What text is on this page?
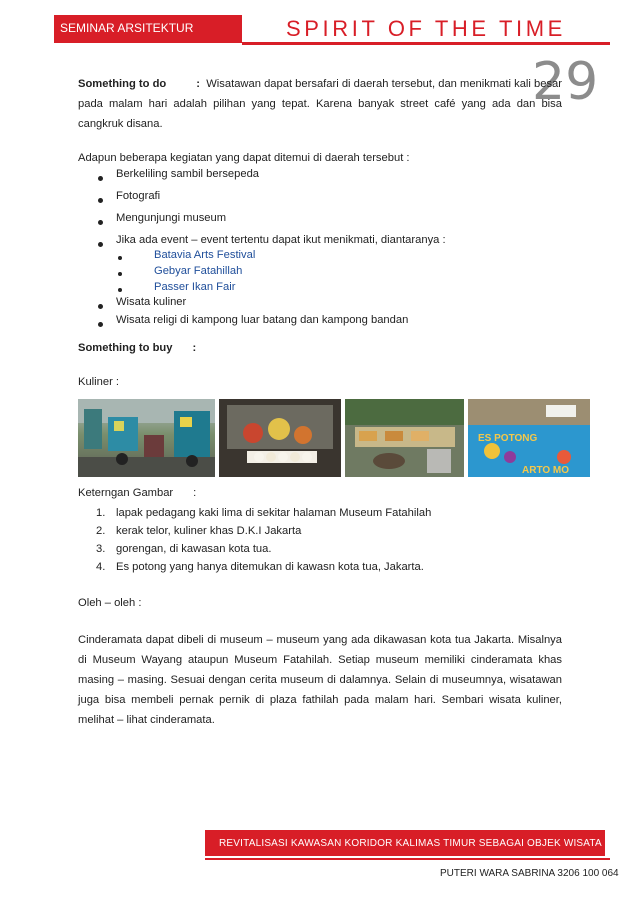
SEMINAR ARSITEKTUR	SPIRIT OF THE TIME
29
Something to do	: Wisatawan dapat bersafari di daerah tersebut, dan menikmati kali besar pada malam hari adalah pilihan yang tepat. Karena banyak street café yang ada dan bisa cangkruk disana.
Adapun beberapa kegiatan yang dapat ditemui di daerah tersebut :
Berkeliling sambil bersepeda
Fotografi
Mengunjungi museum
Jika ada event – event tertentu dapat ikut menikmati, diantaranya :
Batavia Arts Festival
Gebyar Fatahillah
Passer Ikan Fair
Wisata kuliner
Wisata religi di kampong luar batang dan kampong bandan
Something to buy :
Kuliner :
ES POTONG
ARTO MO
Keterngan Gambar :
1. lapak pedagang kaki lima di sekitar halaman Museum Fatahilah
2. kerak telor, kuliner khas D.K.I Jakarta
3. gorengan, di kawasan kota tua.
4. Es potong yang hanya ditemukan di kawasn kota tua, Jakarta.
Oleh – oleh :

Cinderamata dapat dibeli di museum – museum yang ada dikawasan kota tua Jakarta. Misalnya di Museum Wayang ataupun Museum Fatahilah. Setiap museum memiliki cinderamata khas masing – masing. Sesuai dengan cerita museum di dalamnya. Selain di museumnya, wisatawan juga bisa membeli pernak pernik di plaza fathilah pada malam hari. Sembari wisata kuliner, melihat – lihat cinderamata.

REVITALISASI KAWASAN KORIDOR KALIMAS TIMUR SEBAGAI OBJEK WISATA
PUTERI WARA SABRINA 3206 100 064
